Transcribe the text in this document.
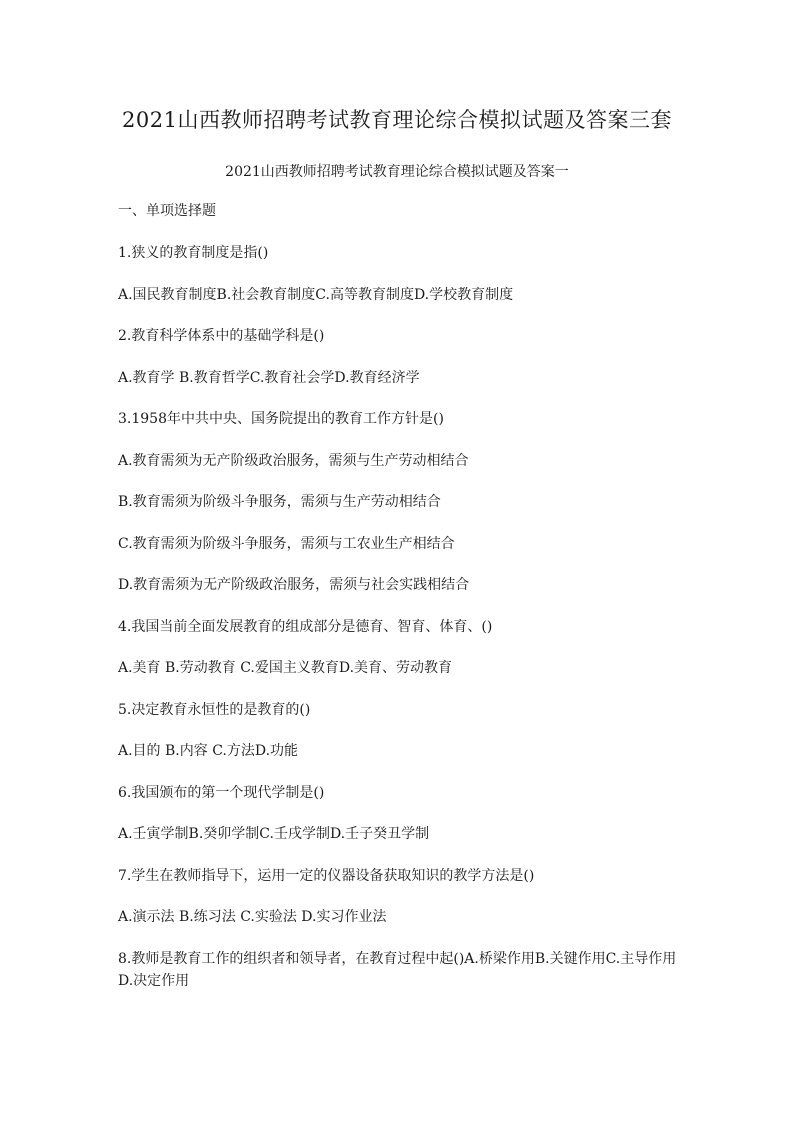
2021山西教师招聘考试教育理论综合模拟试题及答案三套
2021山西教师招聘考试教育理论综合模拟试题及答案一
一、单项选择题
1.狭义的教育制度是指()
A.国民教育制度B.社会教育制度C.高等教育制度D.学校教育制度
2.教育科学体系中的基础学科是()
A.教育学 B.教育哲学C.教育社会学D.教育经济学
3.1958年中共中央、国务院提出的教育工作方针是()
A.教育需须为无产阶级政治服务，需须与生产劳动相结合
B.教育需须为阶级斗争服务，需须与生产劳动相结合
C.教育需须为阶级斗争服务，需须与工农业生产相结合
D.教育需须为无产阶级政治服务，需须与社会实践相结合
4.我国当前全面发展教育的组成部分是德育、智育、体育、()
A.美育 B.劳动教育 C.爱国主义教育D.美育、劳动教育
5.决定教育永恒性的是教育的()
A.目的 B.内容 C.方法D.功能
6.我国颁布的第一个现代学制是()
A.壬寅学制B.癸卯学制C.壬戌学制D.壬子癸丑学制
7.学生在教师指导下，运用一定的仪器设备获取知识的教学方法是()
A.演示法 B.练习法 C.实验法 D.实习作业法
8.教师是教育工作的组织者和领导者，在教育过程中起()A.桥梁作用B.关键作用C.主导作用D.决定作用
